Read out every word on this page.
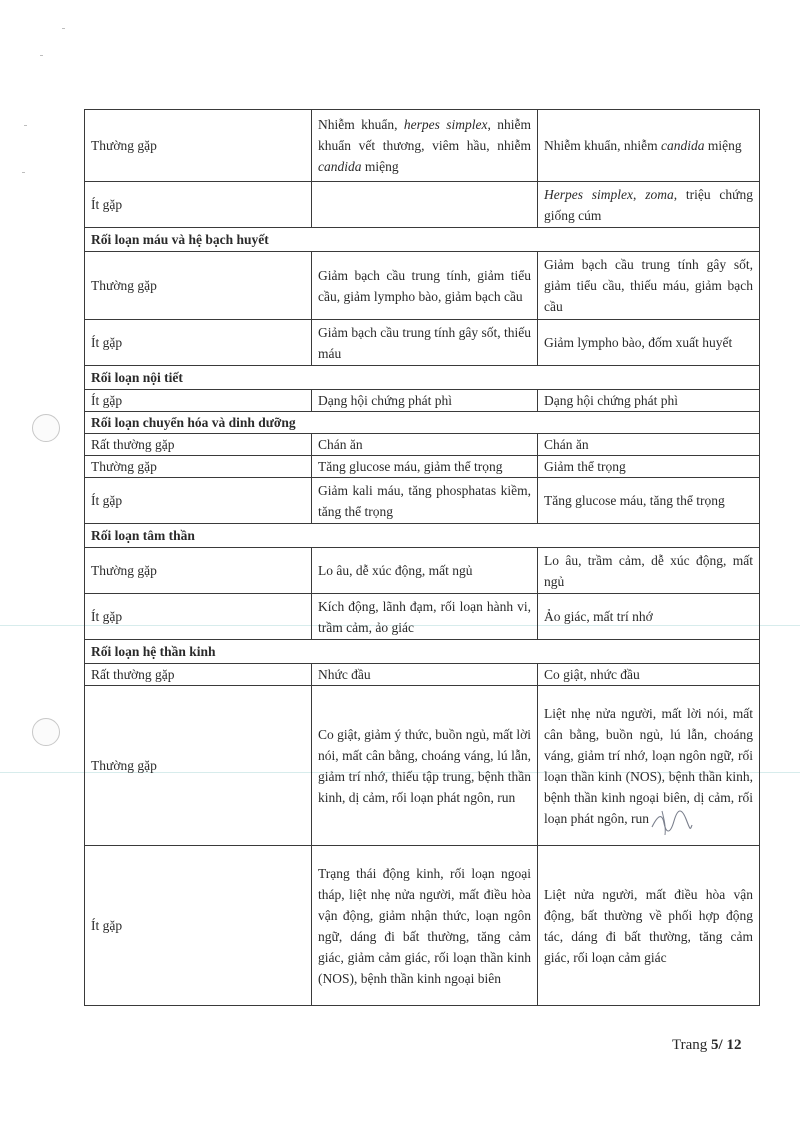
Thường gặp	Nhiễm khuẩn, herpes simplex, nhiễm khuẩn vết thương, viêm hầu, nhiễm candida miệng	Nhiễm khuẩn, nhiễm candida miệng
Ít gặp		Herpes simplex, zoma, triệu chứng giống cúm
Rối loạn máu và hệ bạch huyết		
Thường gặp	Giảm bạch cầu trung tính, giảm tiểu cầu, giảm lympho bào, giảm bạch cầu	Giảm bạch cầu trung tính gây sốt, giảm tiểu cầu, thiếu máu, giảm bạch cầu
Ít gặp	Giảm bạch cầu trung tính gây sốt, thiếu máu	Giảm lympho bào, đốm xuất huyết
Rối loạn nội tiết		
Ít gặp	Dạng hội chứng phát phì	Dạng hội chứng phát phì
Rối loạn chuyển hóa và dinh dưỡng		
Rất thường gặp	Chán ăn	Chán ăn
Thường gặp	Tăng glucose máu, giảm thể trọng	Giảm thể trọng
Ít gặp	Giảm kali máu, tăng phosphatas kiềm, tăng thể trọng	Tăng glucose máu, tăng thể trọng
Rối loạn tâm thần		
Thường gặp	Lo âu, dễ xúc động, mất ngủ	Lo âu, trầm cảm, dễ xúc động, mất ngủ
Ít gặp	Kích động, lãnh đạm, rối loạn hành vi, trầm cảm, ảo giác	Ảo giác, mất trí nhớ
Rối loạn hệ thần kinh		
Rất thường gặp	Nhức đầu	Co giật, nhức đầu
Thường gặp	Co giật, giảm ý thức, buồn ngủ, mất lời nói, mất cân bằng, choáng váng, lú lẫn, giảm trí nhớ, thiếu tập trung, bệnh thần kinh, dị cảm, rối loạn phát ngôn, run	Liệt nhẹ nửa người, mất lời nói, mất cân bằng, buồn ngủ, lú lẫn, choáng váng, giảm trí nhớ, loạn ngôn ngữ, rối loạn thần kinh (NOS), bệnh thần kinh, bệnh thần kinh ngoại biên, dị cảm, rối loạn phát ngôn, run
Ít gặp	Trạng thái động kinh, rối loạn ngoại tháp, liệt nhẹ nửa người, mất điều hòa vận động, giảm nhận thức, loạn ngôn ngữ, dáng đi bất thường, tăng cảm giác, giảm cảm giác, rối loạn thần kinh (NOS), bệnh thần kinh ngoại biên	Liệt nửa người, mất điều hòa vận động, bất thường về phối hợp động tác, dáng đi bất thường, tăng cảm giác, rối loạn cảm giác
Trang 5/ 12
